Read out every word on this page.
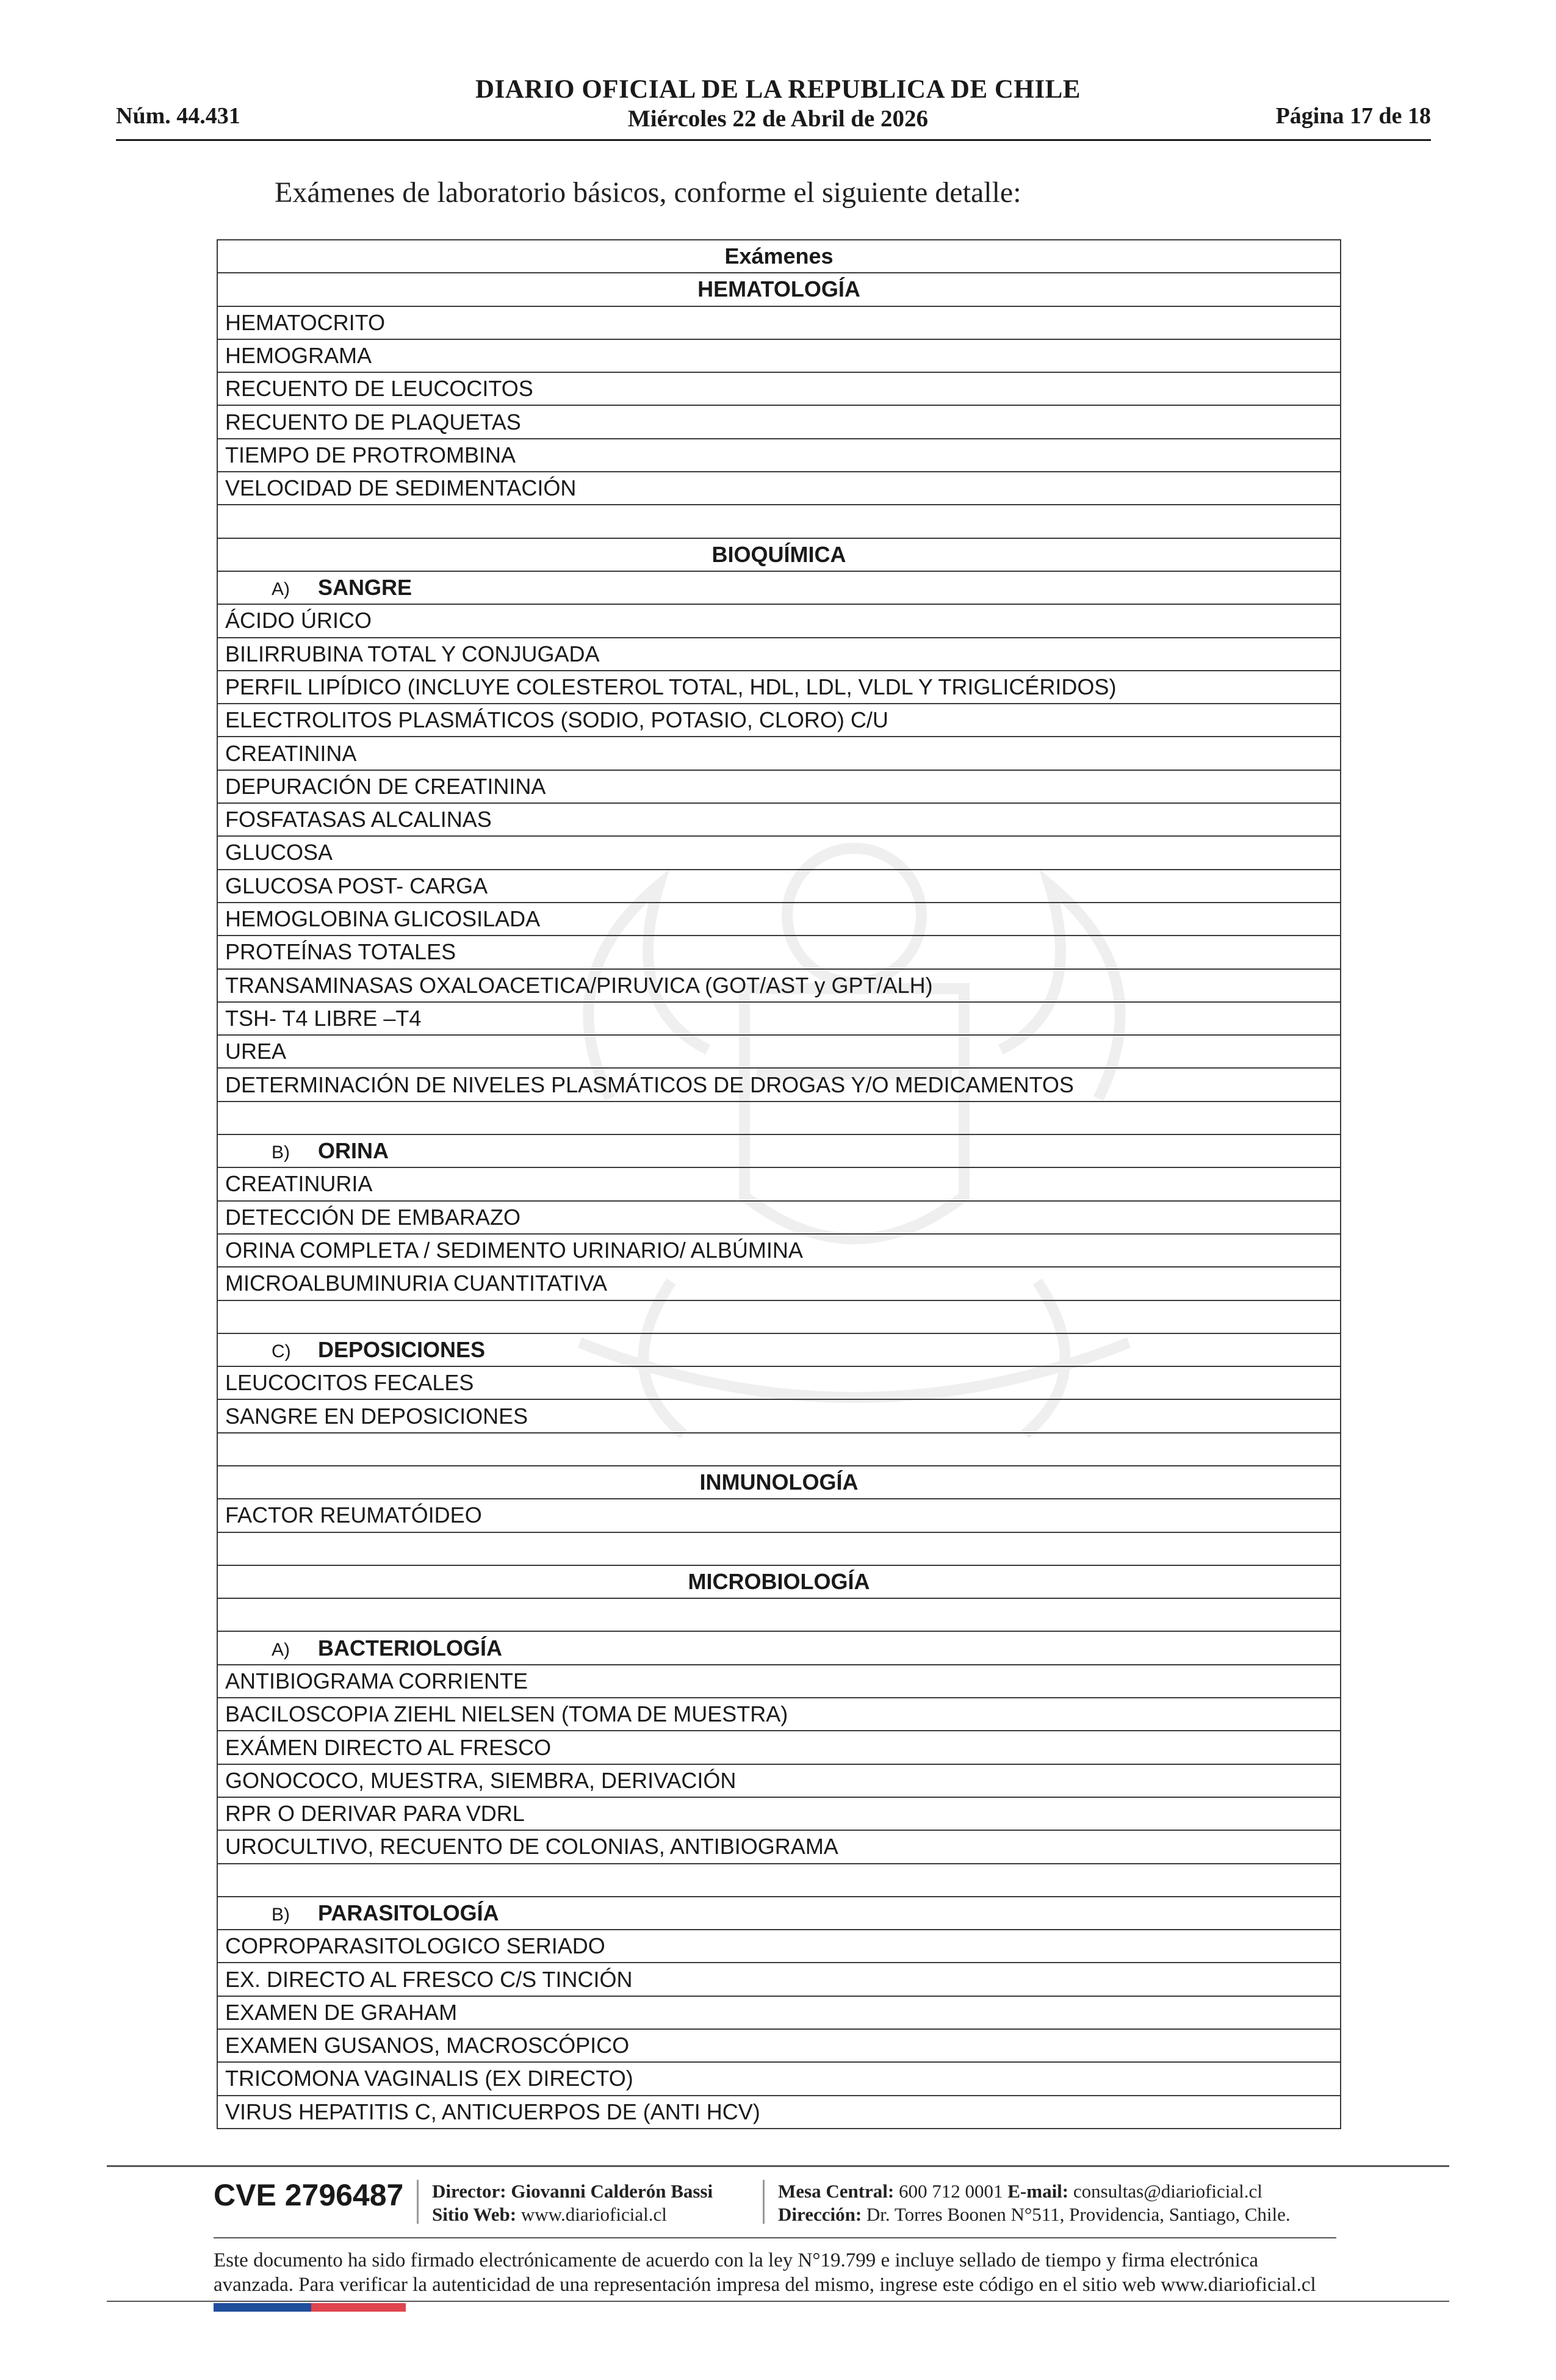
Núm. 44.431
DIARIO OFICIAL DE LA REPUBLICA DE CHILE
Miércoles 22 de Abril de 2026	Página 17 de 18
Exámenes de laboratorio básicos, conforme el siguiente detalle:
Exámenes
HEMATOLOGÍA
HEMATOCRITO
HEMOGRAMA
RECUENTO DE LEUCOCITOS
RECUENTO DE PLAQUETAS
TIEMPO DE PROTROMBINA
VELOCIDAD DE SEDIMENTACIÓN

BIOQUÍMICA
A) SANGRE
ÁCIDO ÚRICO
BILIRRUBINA TOTAL Y CONJUGADA
PERFIL LIPÍDICO (INCLUYE COLESTEROL TOTAL, HDL, LDL, VLDL Y TRIGLICÉRIDOS)
ELECTROLITOS PLASMÁTICOS (SODIO, POTASIO, CLORO) C/U
CREATININA
DEPURACIÓN DE CREATININA
FOSFATASAS ALCALINAS
GLUCOSA
GLUCOSA POST- CARGA
HEMOGLOBINA GLICOSILADA
PROTEÍNAS TOTALES
TRANSAMINASAS OXALOACETICA/PIRUVICA (GOT/AST y GPT/ALH)
TSH- T4 LIBRE –T4
UREA
DETERMINACIÓN DE NIVELES PLASMÁTICOS DE DROGAS Y/O MEDICAMENTOS

B) ORINA
CREATINURIA
DETECCIÓN DE EMBARAZO
ORINA COMPLETA / SEDIMENTO URINARIO/ ALBÚMINA
MICROALBUMINURIA CUANTITATIVA

C) DEPOSICIONES
LEUCOCITOS FECALES
SANGRE EN DEPOSICIONES

INMUNOLOGÍA
FACTOR REUMATÓIDEO

MICROBIOLOGÍA

A) BACTERIOLOGÍA
ANTIBIOGRAMA CORRIENTE
BACILOSCOPIA ZIEHL NIELSEN (TOMA DE MUESTRA)
EXÁMEN DIRECTO AL FRESCO
GONOCOCO, MUESTRA, SIEMBRA, DERIVACIÓN
RPR O DERIVAR PARA VDRL
UROCULTIVO, RECUENTO DE COLONIAS, ANTIBIOGRAMA

B) PARASITOLOGÍA
COPROPARASITOLOGICO SERIADO
EX. DIRECTO AL FRESCO C/S TINCIÓN
EXAMEN DE GRAHAM
EXAMEN GUSANOS, MACROSCÓPICO
TRICOMONA VAGINALIS (EX DIRECTO)
VIRUS HEPATITIS C, ANTICUERPOS DE (ANTI HCV)
CVE 2796487 Director: Giovanni Calderón Bassi
Sitio Web: www.diarioficial.cl
Mesa Central: 600 712 0001 E-mail: consultas@diarioficial.cl
Dirección: Dr. Torres Boonen N°511, Providencia, Santiago, Chile.
Este documento ha sido firmado electrónicamente de acuerdo con la ley N°19.799 e incluye sellado de tiempo y firma electrónica
avanzada. Para verificar la autenticidad de una representación impresa del mismo, ingrese este código en el sitio web www.diarioficial.cl
